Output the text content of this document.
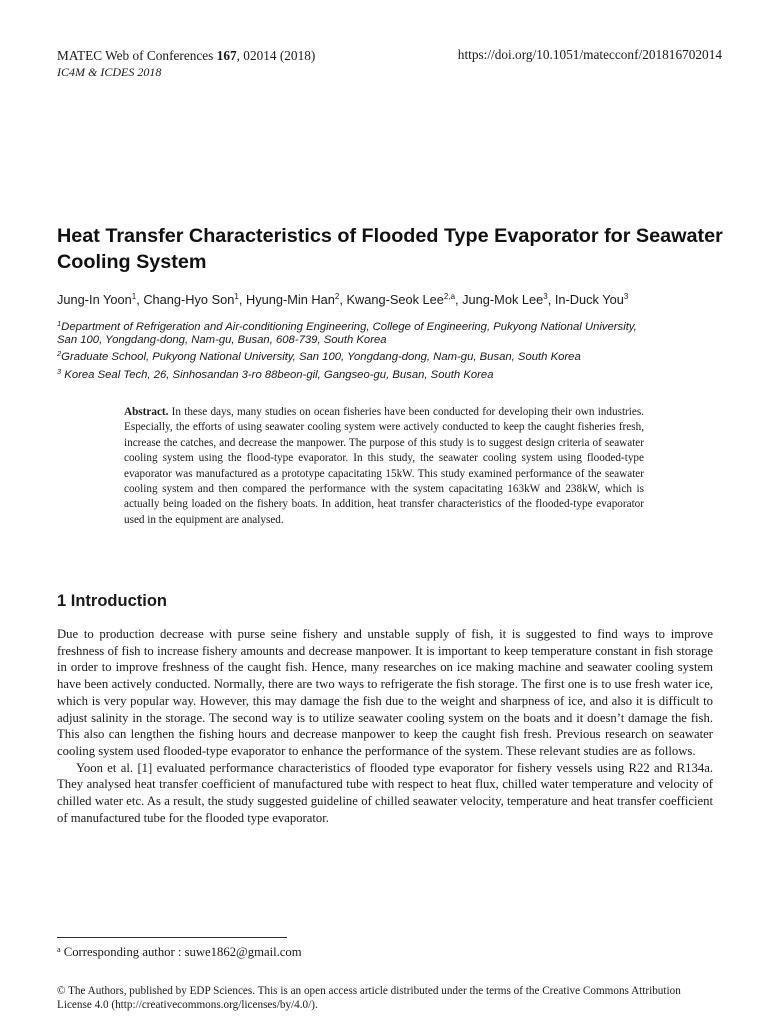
MATEC Web of Conferences 167, 02014 (2018)
IC4M & ICDES 2018
https://doi.org/10.1051/matecconf/201816702014
Heat Transfer Characteristics of Flooded Type Evaporator for Seawater Cooling System
Jung-In Yoon$^1$, Chang-Hyo Son$^1$, Hyung-Min Han$^2$, Kwang-Seok Lee$^{2,a}$, Jung-Mok Lee$^3$, In-Duck You$^3$
$^1$Department of Refrigeration and Air-conditioning Engineering, College of Engineering, Pukyong National University,
San 100, Yongdang-dong, Nam-gu, Busan, 608-739, South Korea
$^2$Graduate School, Pukyong National University, San 100, Yongdang-dong, Nam-gu, Busan, South Korea
$^3$ Korea Seal Tech, 26, Sinhosandan 3-ro 88beon-gil, Gangseo-gu, Busan, South Korea
Abstract. In these days, many studies on ocean fisheries have been conducted for developing their own industries. Especially, the efforts of using seawater cooling system were actively conducted to keep the caught fisheries fresh, increase the catches, and decrease the manpower. The purpose of this study is to suggest design criteria of seawater cooling system using the flood-type evaporator. In this study, the seawater cooling system using flooded-type evaporator was manufactured as a prototype capacitating 15kW. This study examined performance of the seawater cooling system and then compared the performance with the system capacitating 163kW and 238kW, which is actually being loaded on the fishery boats. In addition, heat transfer characteristics of the flooded-type evaporator used in the equipment are analysed.
1 Introduction

Due to production decrease with purse seine fishery and unstable supply of fish, it is suggested to find ways to improve freshness of fish to increase fishery amounts and decrease manpower. It is important to keep temperature constant in fish storage in order to improve freshness of the caught fish. Hence, many researches on ice making machine and seawater cooling system have been actively conducted. Normally, there are two ways to refrigerate the fish storage. The first one is to use fresh water ice, which is very popular way. However, this may damage the fish due to the weight and sharpness of ice, and also it is difficult to adjust salinity in the storage. The second way is to utilize seawater cooling system on the boats and it doesn’t damage the fish. This also can lengthen the fishing hours and decrease manpower to keep the caught fish fresh. Previous research on seawater cooling system used flooded-type evaporator to enhance the performance of the system. These relevant studies are as follows.

Yoon et al. [1] evaluated performance characteristics of flooded type evaporator for fishery vessels using R22 and R134a. They analysed heat transfer coefficient of manufactured tube with respect to heat flux, chilled water temperature and velocity of chilled water etc. As a result, the study suggested guideline of chilled seawater velocity, temperature and heat transfer coefficient of manufactured tube for the flooded type evaporator.

$^a$ Corresponding author : suwe1862@gmail.com
© The Authors, published by EDP Sciences. This is an open access article distributed under the terms of the Creative Commons Attribution License 4.0 (http://creativecommons.org/licenses/by/4.0/).
